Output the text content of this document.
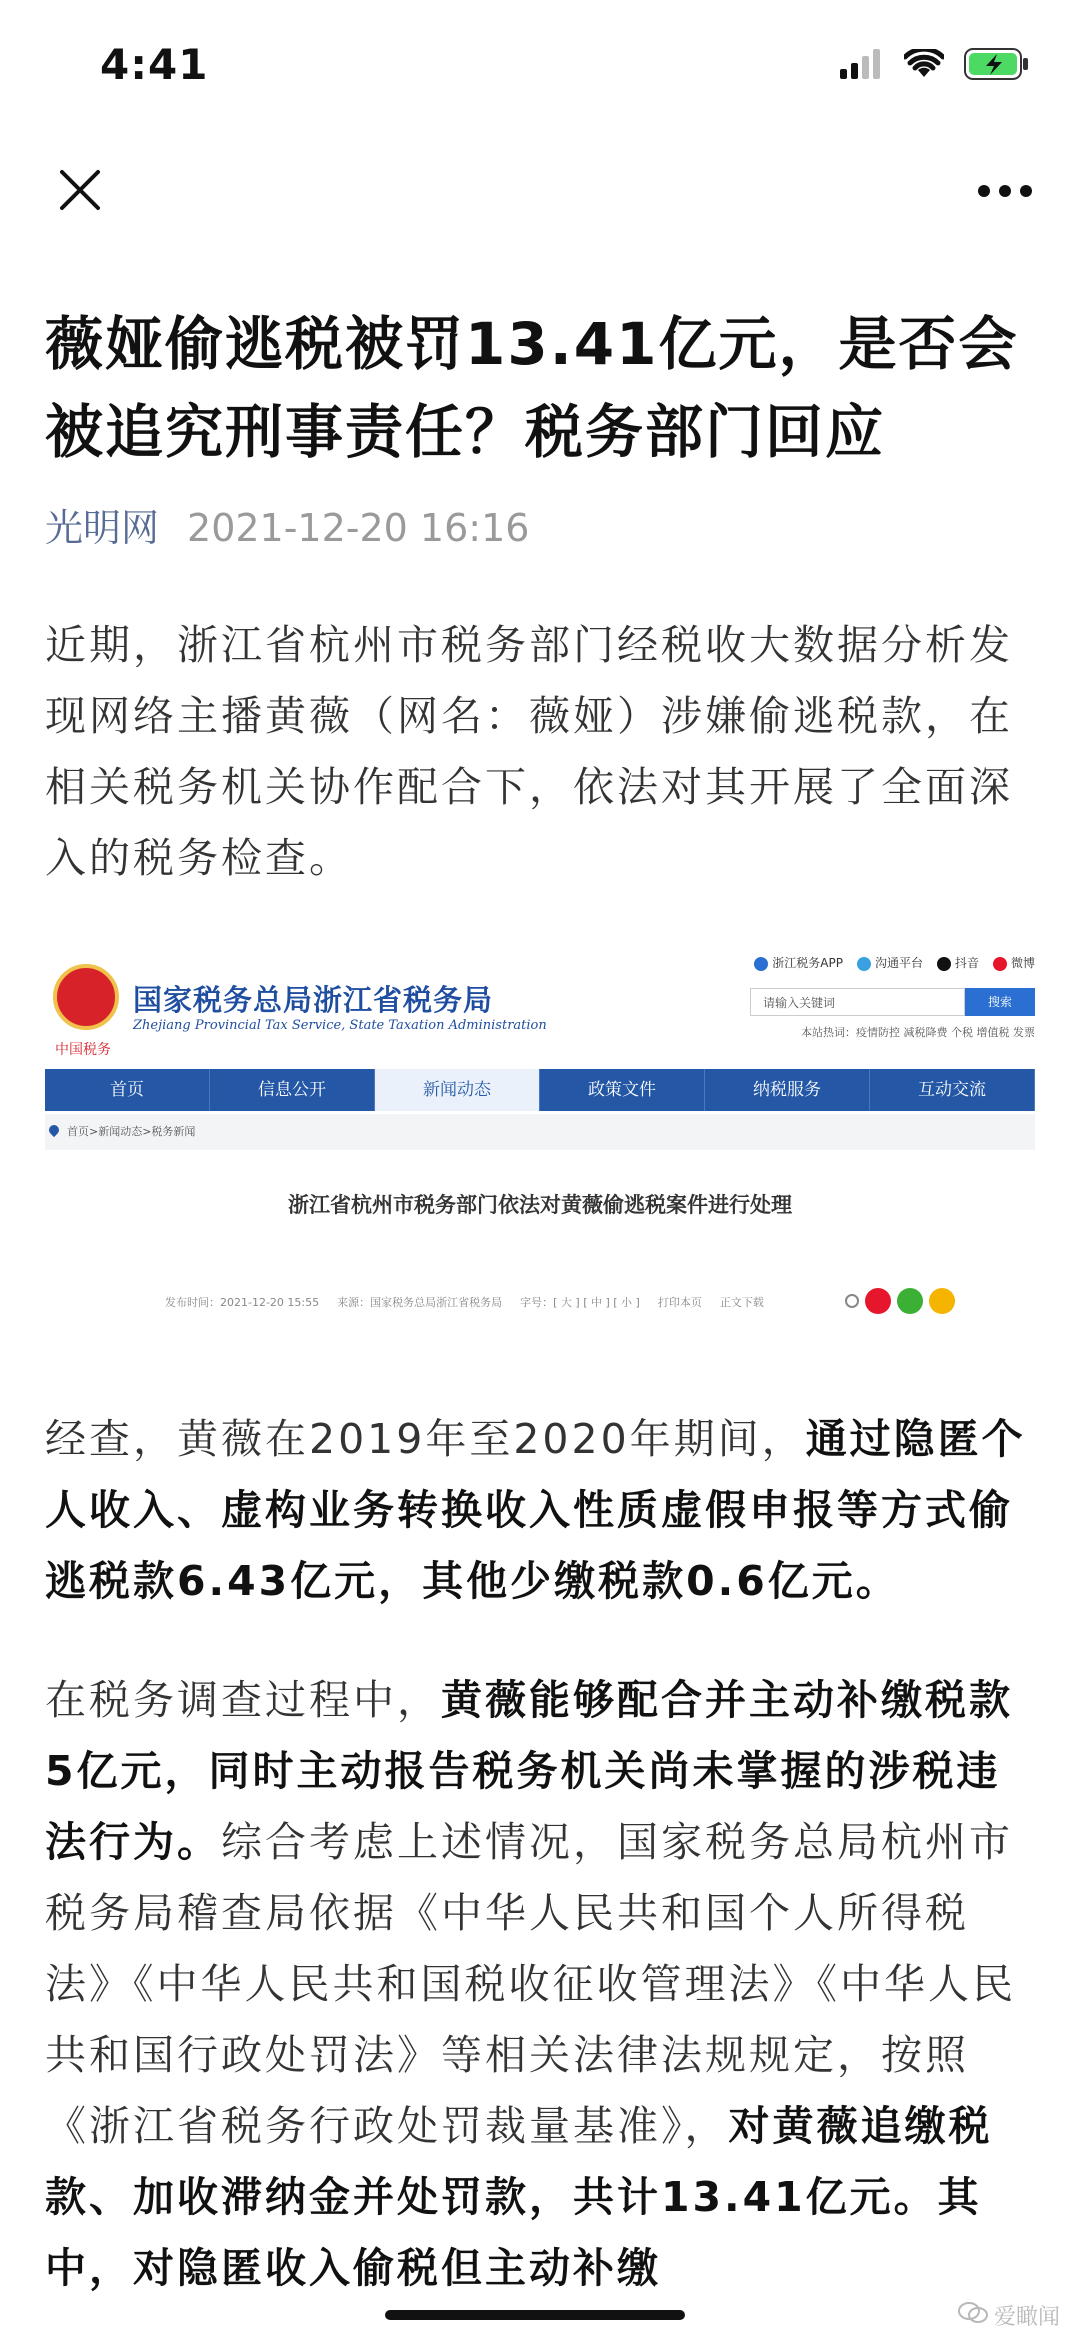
4:41
薇娅偷逃税被罚13.41亿元，是否会被追究刑事责任？税务部门回应
光明网 2021-12-20 16:16

近期，浙江省杭州市税务部门经税收大数据分析发现网络主播黄薇（网名：薇娅）涉嫌偷逃税款，在相关税务机关协作配合下，依法对其开展了全面深入的税务检查。

中国税务
国家税务总局浙江省税务局
Zhejiang Provincial Tax Service, State Taxation Administration
浙江税务APP	沟通平台	抖音	微博
请输入关键词	搜索
本站热词：疫情防控 减税降费 个税 增值税 发票
首页	信息公开	新闻动态	政策文件	纳税服务	互动交流
首页>新闻动态>税务新闻
浙江省杭州市税务部门依法对黄薇偷逃税案件进行处理
发布时间：2021-12-20 15:55 来源：国家税务总局浙江省税务局 字号：[ 大 ] [ 中 ] [ 小 ] 打印本页 正文下载

经查，黄薇在2019年至2020年期间，通过隐匿个人收入、虚构业务转换收入性质虚假申报等方式偷逃税款6.43亿元，其他少缴税款0.6亿元。

在税务调查过程中，黄薇能够配合并主动补缴税款5亿元，同时主动报告税务机关尚未掌握的涉税违法行为。综合考虑上述情况，国家税务总局杭州市税务局稽查局依据《中华人民共和国个人所得税法》《中华人民共和国税收征收管理法》《中华人民共和国行政处罚法》等相关法律法规规定，按照《浙江省税务行政处罚裁量基准》，对黄薇追缴税款、加收滞纳金并处罚款，共计13.41亿元。其中，对隐匿收入偷税但主动补缴

爱瞰闻
